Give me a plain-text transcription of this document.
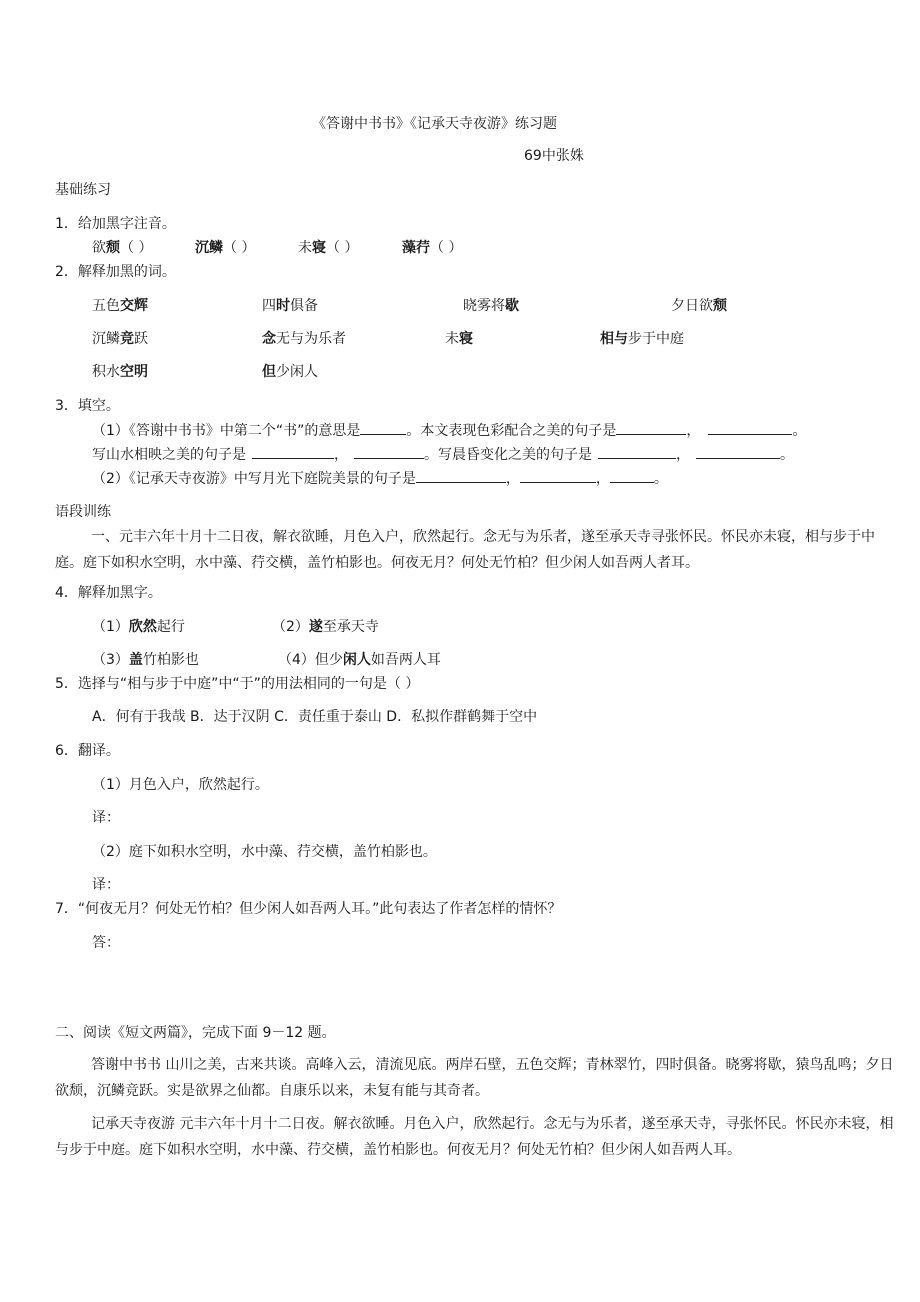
《答谢中书书》《记承天寺夜游》练习题
69中张姝
基础练习
1．给加黑字注音。
欲颓（ ）	沉鳞（ ）	未寝（ ）	藻荇（ ）
2．解释加黑的词。
五色交辉	四时俱备	晓雾将歇	夕日欲颓
沉鳞竞跃	念无与为乐者	未寝	相与步于中庭
积水空明	但少闲人
3．填空。
（1）《答谢中书书》中第二个“书”的意思是	。本文表现色彩配合之美的句子是	，	。
写山水相映之美的句子是	，	。写晨昏变化之美的句子是	，	。
（2）《记承天寺夜游》中写月光下庭院美景的句子是	，	，	。
语段训练
一、元丰六年十月十二日夜，解衣欲睡，月色入户，欣然起行。念无与为乐者，遂至承天寺寻张怀民。怀民亦未寝，相与步于中庭。庭下如积水空明，水中藻、荇交横，盖竹柏影也。何夜无月？何处无竹柏？但少闲人如吾两人者耳。
4．解释加黑字。
（1）欣然起行	（2）遂至承天寺
（3）盖竹柏影也	（4）但少闲人如吾两人耳
5．选择与“相与步于中庭”中“于”的用法相同的一句是（ ）
A．何有于我哉 B．达于汉阴 C．责任重于泰山 D．私拟作群鹤舞于空中
6．翻译。
（1）月色入户，欣然起行。
译：
（2）庭下如积水空明，水中藻、荇交横，盖竹柏影也。
译：
7．“何夜无月？何处无竹柏？但少闲人如吾两人耳。”此句表达了作者怎样的情怀？
答：
二、阅读《短文两篇》，完成下面 9－12 题。
答谢中书书 山川之美，古来共谈。高峰入云，清流见底。两岸石壁，五色交辉；青林翠竹，四时俱备。晓雾将歇，猿鸟乱鸣；夕日欲颓，沉鳞竞跃。实是欲界之仙都。自康乐以来，未复有能与其奇者。
记承天寺夜游 元丰六年十月十二日夜。解衣欲睡。月色入户，欣然起行。念无与为乐者，遂至承天寺，寻张怀民。怀民亦未寝，相与步于中庭。庭下如积水空明，水中藻、荇交横，盖竹柏影也。何夜无月？何处无竹柏？但少闲人如吾两人耳。
